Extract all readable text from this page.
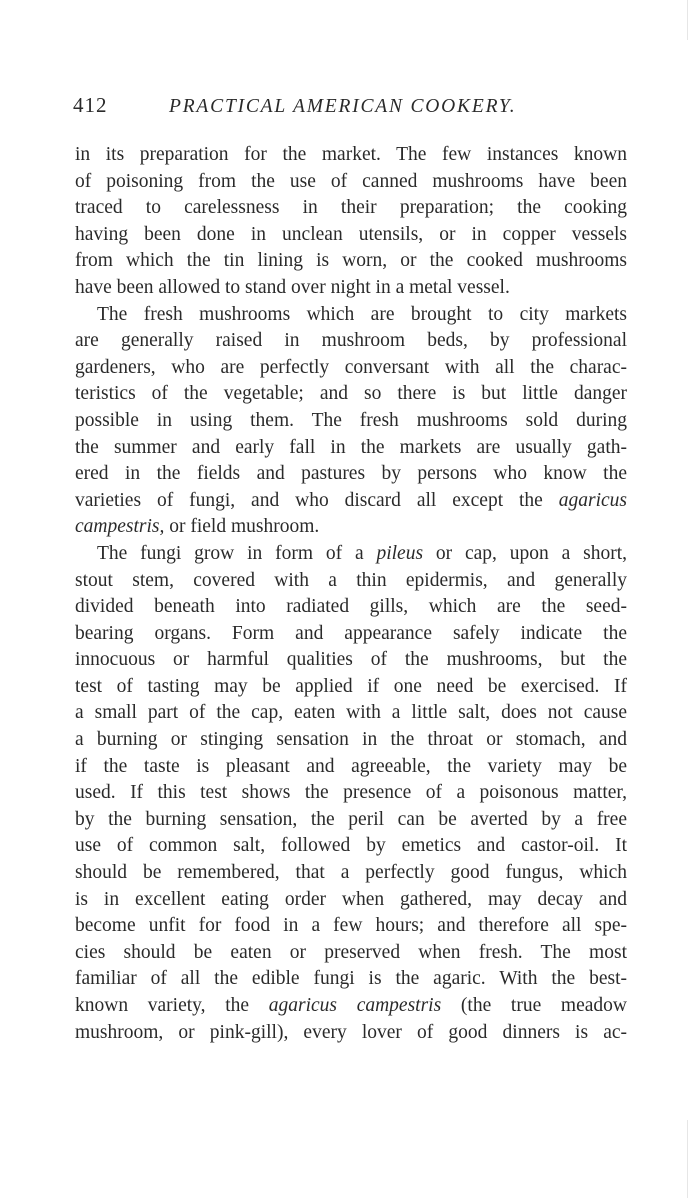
412	PRACTICAL AMERICAN COOKERY.
in its preparation for the market. The few instances known
of poisoning from the use of canned mushrooms have been
traced to carelessness in their preparation; the cooking
having been done in unclean utensils, or in copper vessels
from which the tin lining is worn, or the cooked mushrooms
have been allowed to stand over night in a metal vessel.
The fresh mushrooms which are brought to city markets
are generally raised in mushroom beds, by professional
gardeners, who are perfectly conversant with all the charac-
teristics of the vegetable; and so there is but little danger
possible in using them. The fresh mushrooms sold during
the summer and early fall in the markets are usually gath-
ered in the fields and pastures by persons who know the
varieties of fungi, and who discard all except the agaricus
campestris, or field mushroom.
The fungi grow in form of a pileus or cap, upon a short,
stout stem, covered with a thin epidermis, and generally
divided beneath into radiated gills, which are the seed-
bearing organs. Form and appearance safely indicate the
innocuous or harmful qualities of the mushrooms, but the
test of tasting may be applied if one need be exercised. If
a small part of the cap, eaten with a little salt, does not cause
a burning or stinging sensation in the throat or stomach, and
if the taste is pleasant and agreeable, the variety may be
used. If this test shows the presence of a poisonous matter,
by the burning sensation, the peril can be averted by a free
use of common salt, followed by emetics and castor-oil. It
should be remembered, that a perfectly good fungus, which
is in excellent eating order when gathered, may decay and
become unfit for food in a few hours; and therefore all spe-
cies should be eaten or preserved when fresh. The most
familiar of all the edible fungi is the agaric. With the best-
known variety, the agaricus campestris (the true meadow
mushroom, or pink-gill), every lover of good dinners is ac-
